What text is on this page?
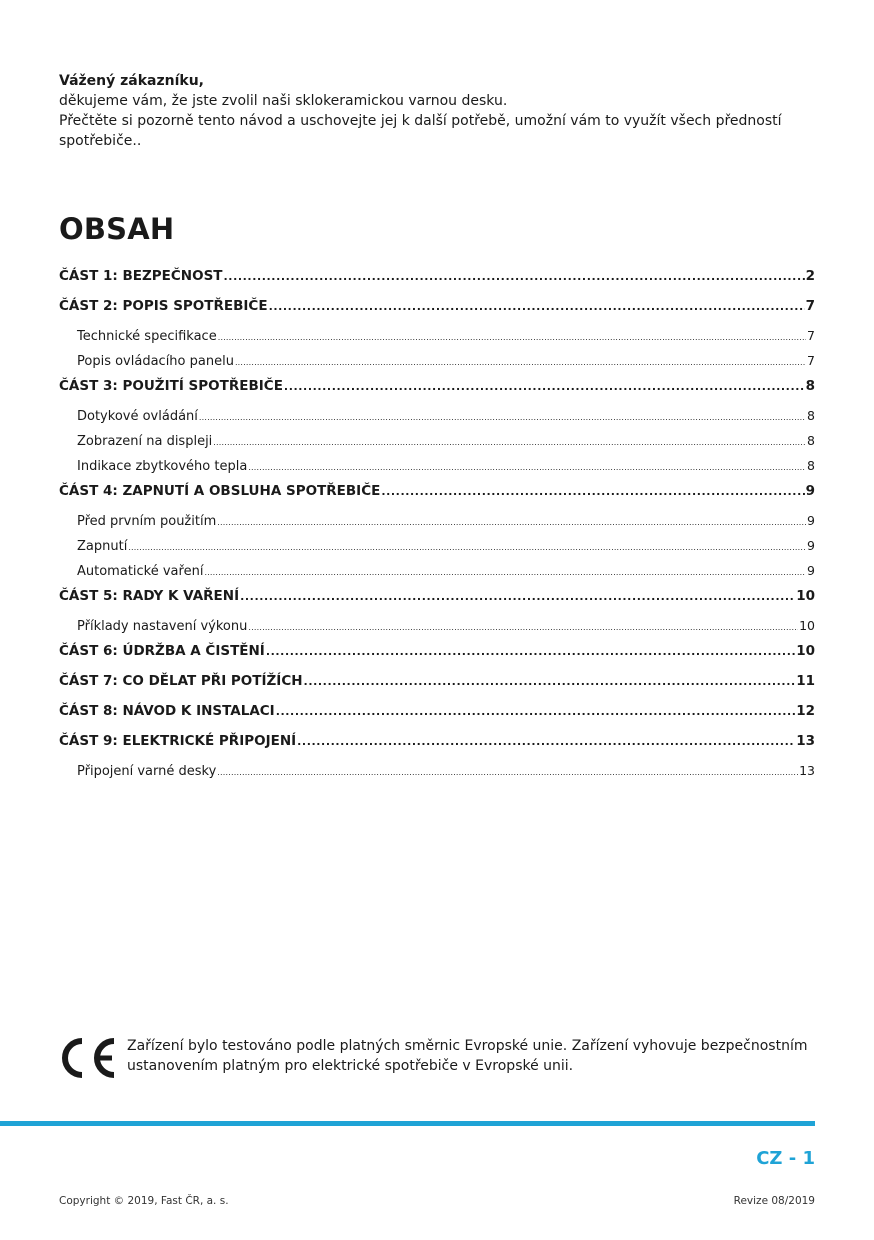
Vážený zákazníku,
děkujeme vám, že jste zvolil naši sklokeramickou varnou desku.
Přečtěte si pozorně tento návod a uschovejte jej k další potřebě, umožní vám to využít všech předností spotřebiče..
OBSAH
ČÁST 1: BEZPEČNOST .....	2
ČÁST 2: POPIS SPOTŘEBIČE .....	7
Technické specifikace .....	7
Popis ovládacího panelu .....	7
ČÁST 3: POUŽITÍ SPOTŘEBIČE .....	8
Dotykové ovládání .....	8
Zobrazení na displeji .....	8
Indikace zbytkového tepla .....	8
ČÁST 4: ZAPNUTÍ A OBSLUHA SPOTŘEBIČE .....	9
Před prvním použitím .....	9
Zapnutí .....	9
Automatické vaření .....	9
ČÁST 5: RADY K VAŘENÍ .....	10
Příklady nastavení výkonu .....	10
ČÁST 6: ÚDRŽBA A ČISTĚNÍ .....	10
ČÁST 7: CO DĚLAT PŘI POTÍŽÍCH .....	11
ČÁST 8: NÁVOD K INSTALACI .....	12
ČÁST 9: ELEKTRICKÉ PŘIPOJENÍ .....	13
Připojení varné desky .....	13
Zařízení bylo testováno podle platných směrnic Evropské unie. Zařízení vyhovuje bezpečnostním ustanovením platným pro elektrické spotřebiče v Evropské unii.
CZ - 1
Copyright © 2019, Fast ČR, a. s.	Revize 08/2019
